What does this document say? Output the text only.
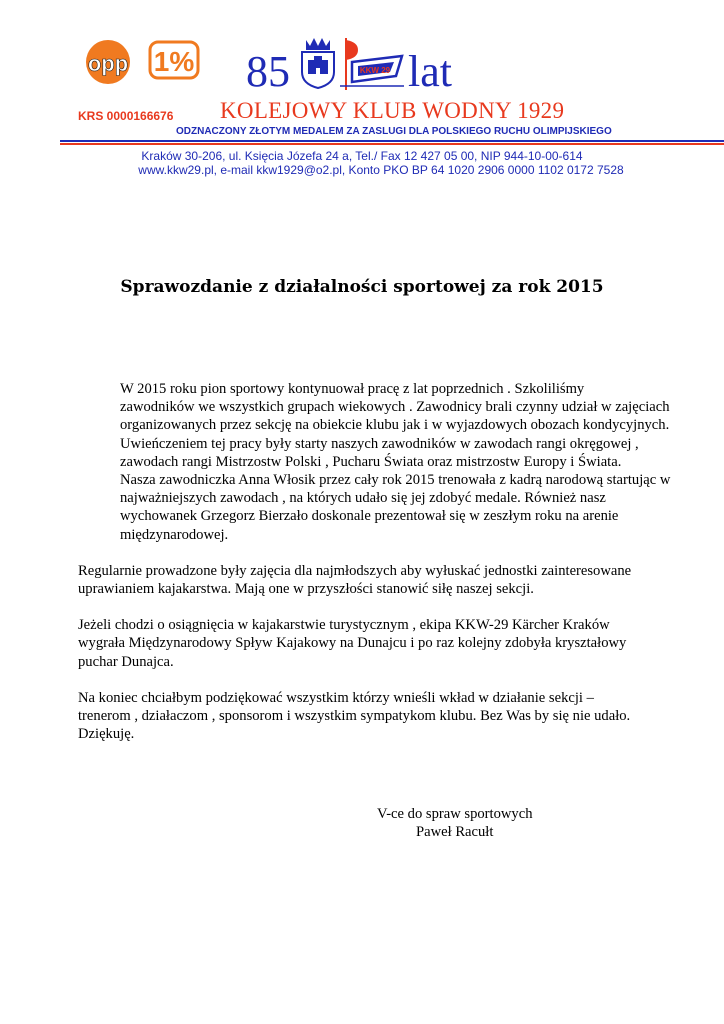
opp 1% 85	KKW 29 lat
KRS 0000166676 KOLEJOWY KLUB WODNY 1929
ODZNACZONY ZŁOTYM MEDALEM ZA ZASLUGI DLA POLSKIEGO RUCHU OLIMPIJSKIEGO
Kraków 30-206, ul. Księcia Józefa 24 a, Tel./ Fax 12 427 05 00, NIP 944-10-00-614
www.kkw29.pl, e-mail kkw1929@o2.pl, Konto PKO BP 64 1020 2906 0000 1102 0172 7528
Sprawozdanie z działalności sportowej za rok 2015

W 2015 roku pion sportowy kontynuował pracę z lat poprzednich . Szkoliliśmy
zawodników we wszystkich grupach wiekowych . Zawodnicy brali czynny udział w zajęciach
organizowanych przez sekcję na obiekcie klubu jak i w wyjazdowych obozach kondycyjnych.
Uwieńczeniem tej pracy były starty naszych zawodników w zawodach rangi okręgowej ,
zawodach rangi Mistrzostw Polski , Pucharu Świata oraz mistrzostw Europy i Świata.
Nasza zawodniczka Anna Włosik przez cały rok 2015 trenowała z kadrą narodową startując w
najważniejszych zawodach , na których udało się jej zdobyć medale. Również nasz
wychowanek Grzegorz Bierzało doskonale prezentował się w zeszłym roku na arenie
międzynarodowej.

Regularnie prowadzone były zajęcia dla najmłodszych aby wyłuskać jednostki zainteresowane
uprawianiem kajakarstwa. Mają one w przyszłości stanowić siłę naszej sekcji.

Jeżeli chodzi o osiągnięcia w kajakarstwie turystycznym , ekipa KKW-29 Kärcher Kraków
wygrała Międzynarodowy Spływ Kajakowy na Dunajcu i po raz kolejny zdobyła kryształowy
puchar Dunajca.

Na koniec chciałbym podziękować wszystkim którzy wnieśli wkład w działanie sekcji –
trenerom , działaczom , sponsorom i wszystkim sympatykom klubu. Bez Was by się nie udało.
Dziękuję.

V-ce do spraw sportowych
Paweł Racułt
